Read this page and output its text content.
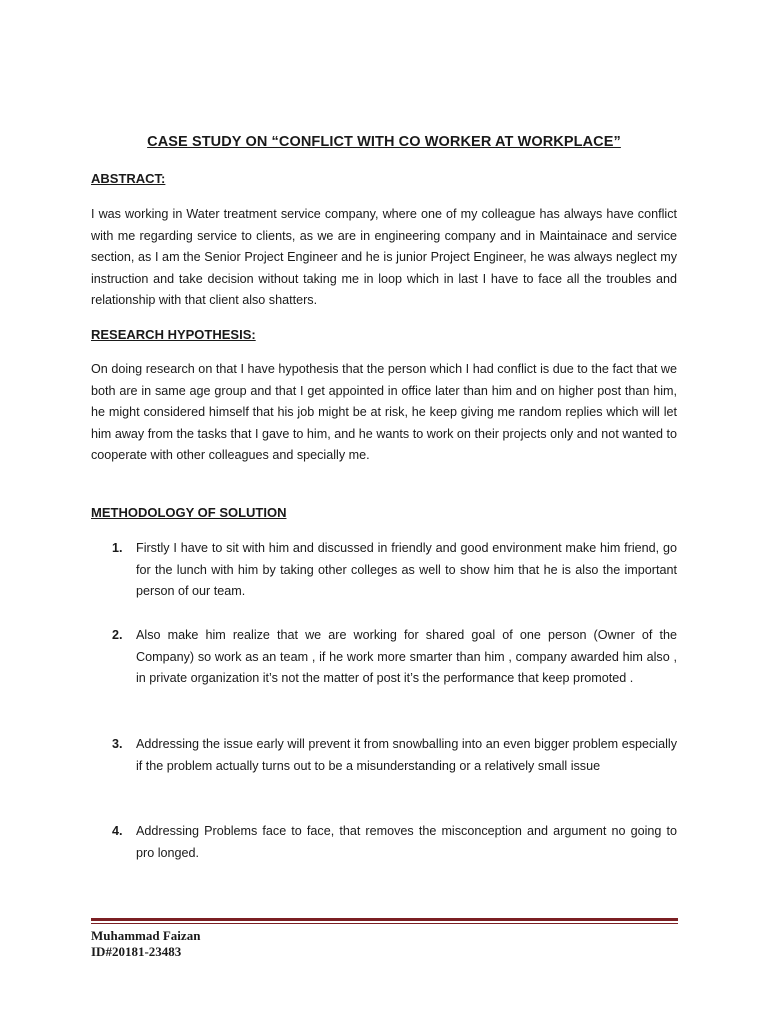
CASE STUDY ON “CONFLICT WITH CO WORKER AT WORKPLACE”
ABSTRACT:
I was working in Water treatment service company, where one of my colleague has always have conflict with me regarding service to clients, as we are in engineering company and in Maintainace and service section, as I am the Senior Project Engineer and he is junior Project Engineer, he was always neglect my instruction and take decision without taking me in loop which in last I have to face all the troubles and relationship with that client also shatters.
RESEARCH HYPOTHESIS:
On doing research on that I have hypothesis that the person which I had conflict is due to the fact that we both are in same age group and that I get appointed in office later than him and on higher post than him, he might considered himself that his job might be at risk, he keep giving me random replies which will let him away from the tasks that I gave to him, and he wants to work on their projects only and not wanted to cooperate with other colleagues and specially me.
METHODOLOGY OF SOLUTION
1. Firstly I have to sit with him and discussed in friendly and good environment make him friend, go for the lunch with him by taking other colleges as well to show him that he is also the important person of our team.
2. Also make him realize that we are working for shared goal of one person (Owner of the Company) so work as an team , if he work more smarter than him , company awarded him also , in private organization it’s not the matter of post it’s the performance that keep promoted .
3. Addressing the issue early will prevent it from snowballing into an even bigger problem especially if the problem actually turns out to be a misunderstanding or a relatively small issue
4. Addressing Problems face to face, that removes the misconception and argument no going to pro longed.
Muhammad Faizan
ID#20181-23483
